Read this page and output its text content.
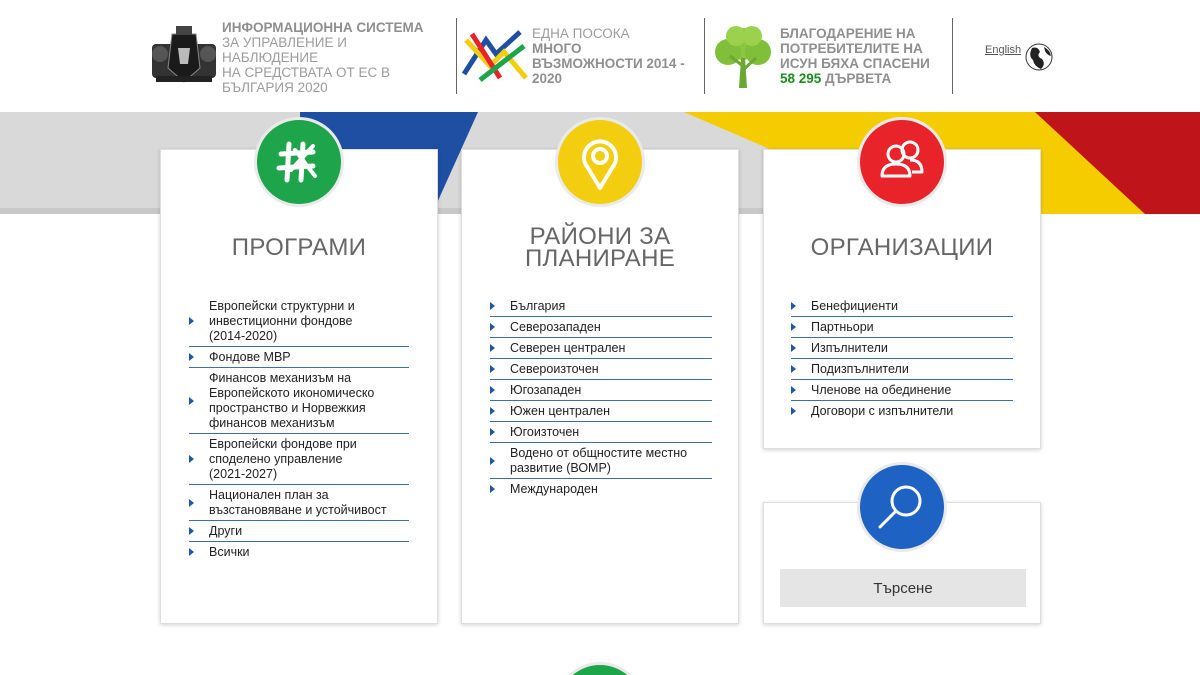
ИНФОРМАЦИОННА СИСТЕМА
ЗА УПРАВЛЕНИЕ И
НАБЛЮДЕНИЕ
НА СРЕДСТВАТА ОТ ЕС В
БЪЛГАРИЯ 2020
ЕДНА ПОСОКА
МНОГО
ВЪЗМОЖНОСТИ 2014 -
2020
БЛАГОДАРЕНИЕ НА
ПОТРЕБИТЕЛИТЕ НА
ИСУН БЯХА СПАСЕНИ
58 295 ДЪРВЕТА
English
ПРОГРАМИ
Европейски структурни и
инвестиционни фондове
(2014-2020)
Фондове МВР
Финансов механизъм на
Европейското икономическо
пространство и Норвежкия
финансов механизъм
Европейски фондове при
споделено управление
(2021-2027)
Национален план за
възстановяване и устойчивост
Други
Всички
РАЙОНИ ЗА
ПЛАНИРАНЕ
България
Северозападен
Северен централен
Североизточен
Югозападен
Южен централен
Югоизточен
Водено от общностите местно
развитие (ВОМР)
Международен
ОРГАНИЗАЦИИ
Бенефициенти
Партньори
Изпълнители
Подизпълнители
Членове на обединение
Договори с изпълнители
Търсене
